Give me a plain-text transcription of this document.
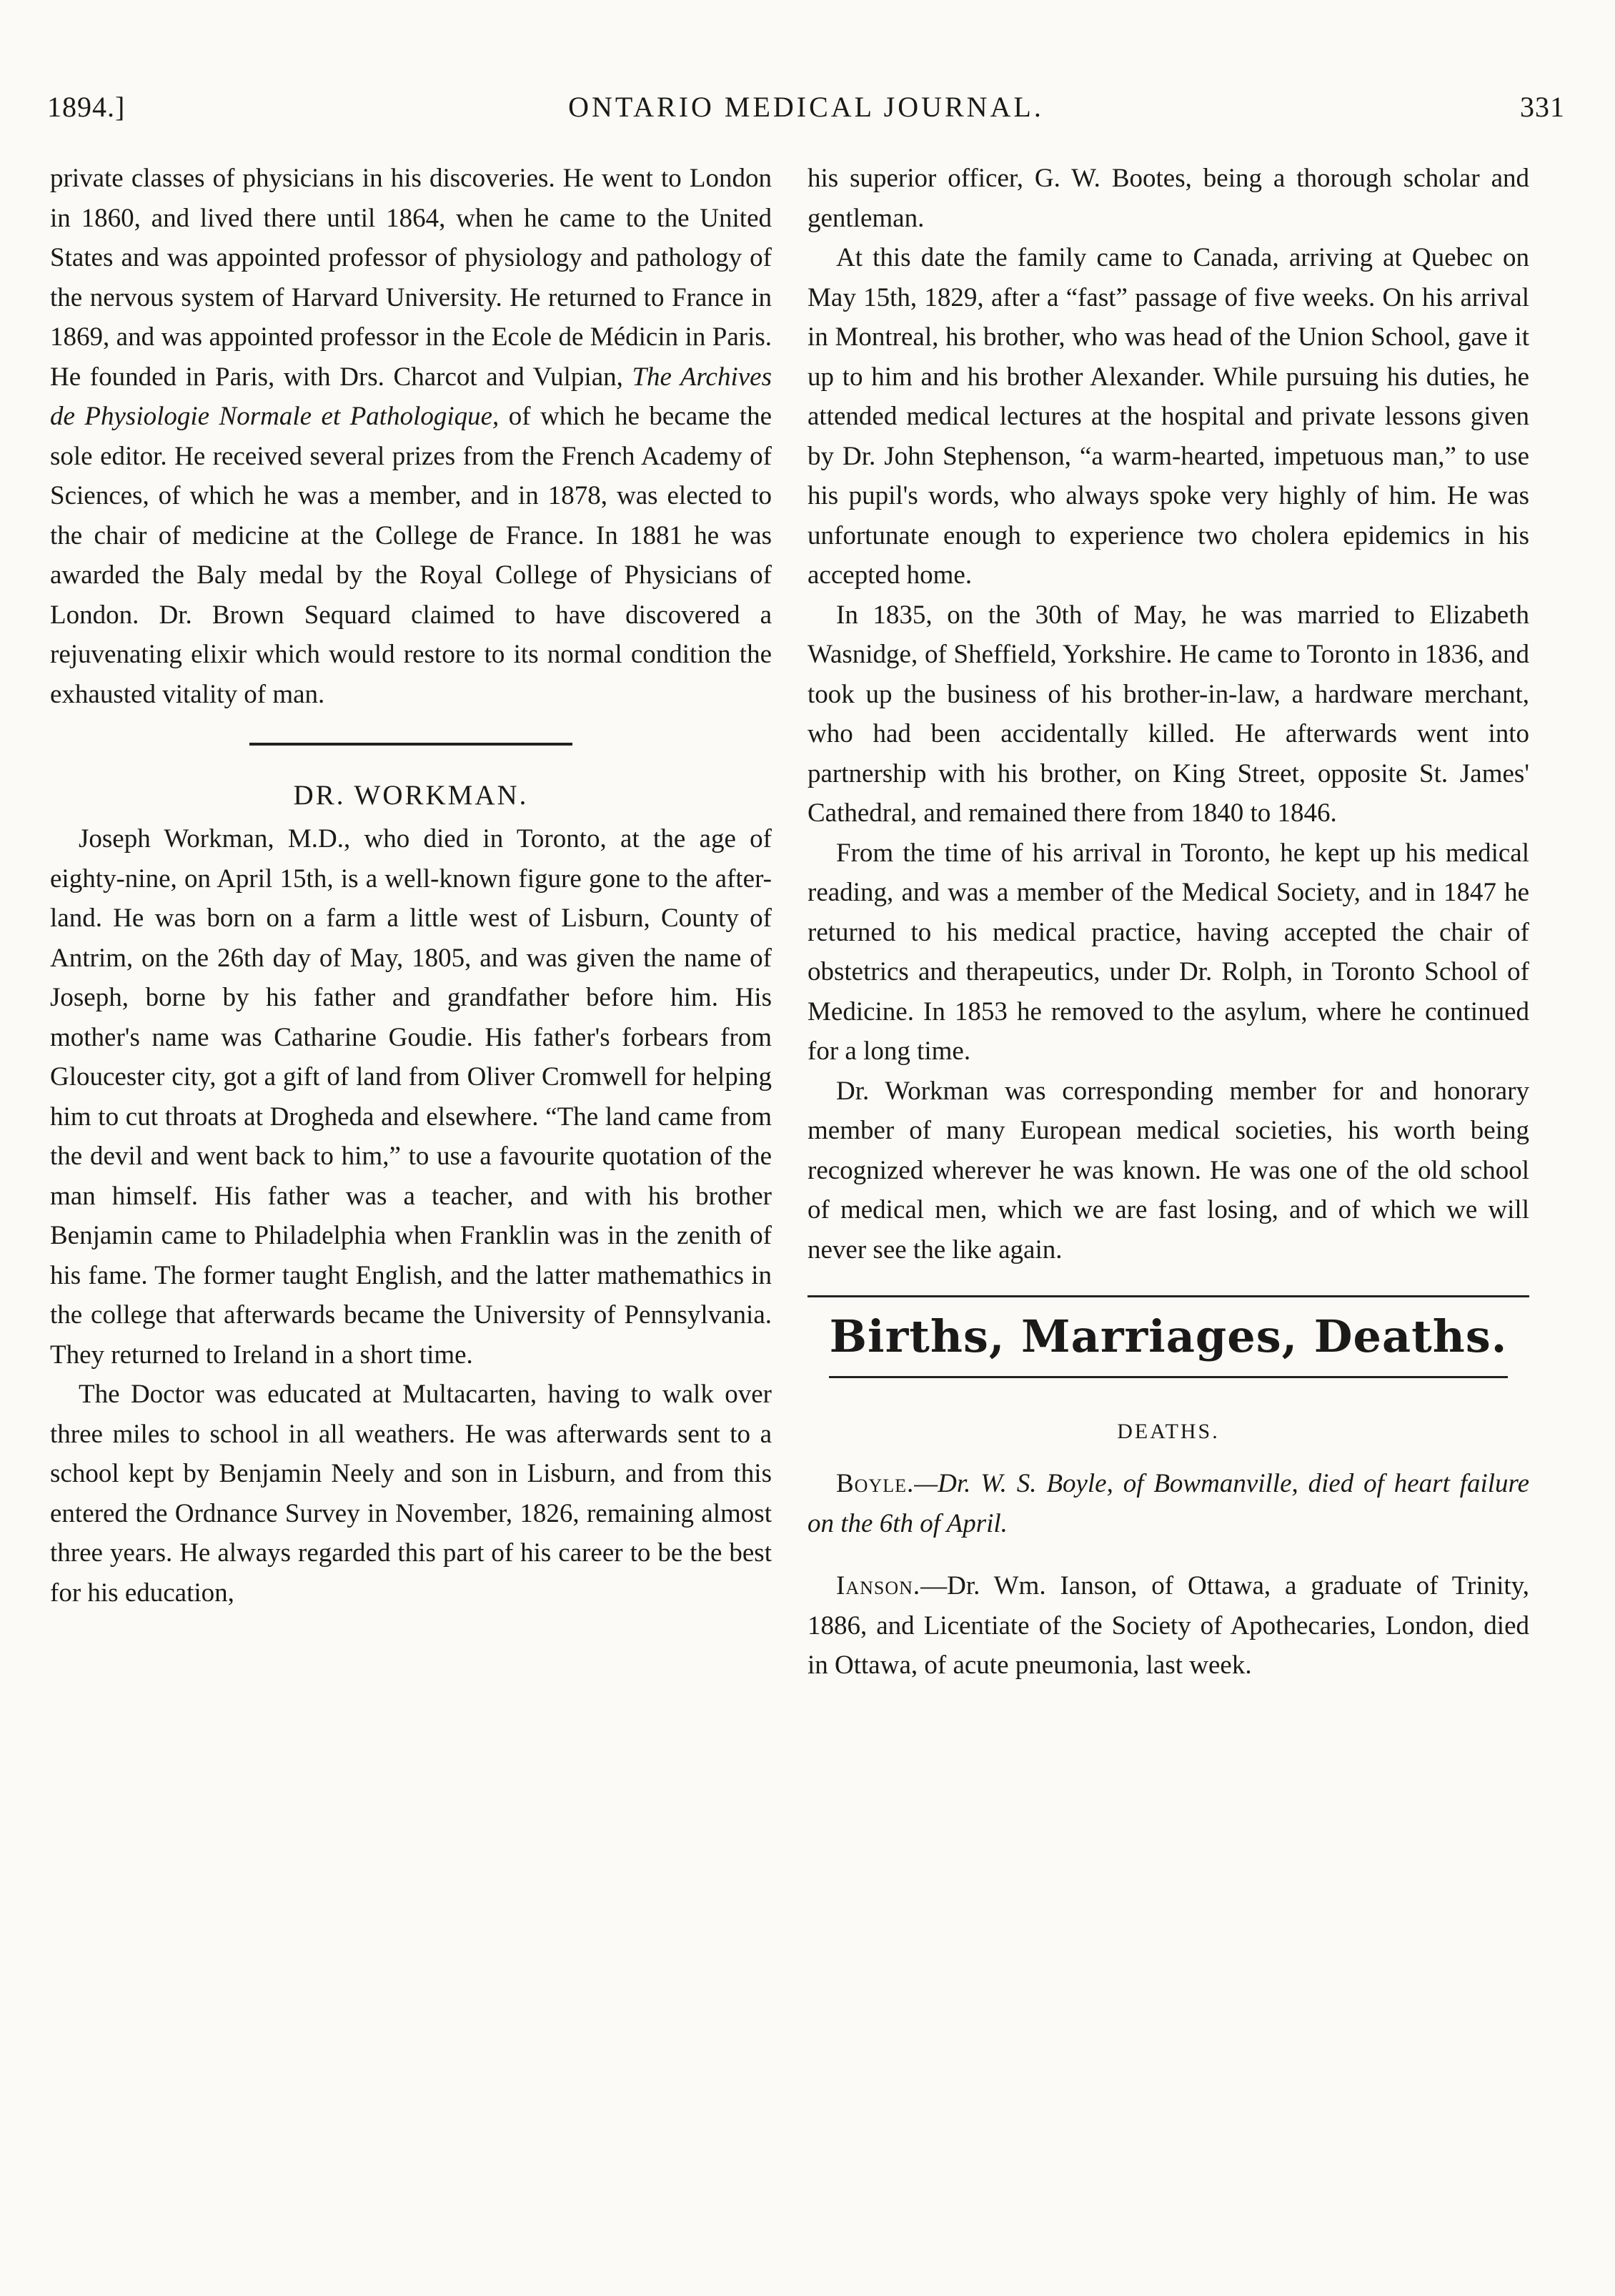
1894.]	ONTARIO MEDICAL JOURNAL.	331

private classes of physicians in his discoveries. He went to London in 1860, and lived there until 1864, when he came to the United States and was appointed professor of physiology and pathology of the nervous system of Harvard University. He returned to France in 1869, and was appointed professor in the Ecole de Médicin in Paris. He founded in Paris, with Drs. Charcot and Vulpian, The Archives de Physiologie Normale et Pathologique, of which he became the sole editor. He received several prizes from the French Academy of Sciences, of which he was a member, and in 1878, was elected to the chair of medicine at the College de France. In 1881 he was awarded the Baly medal by the Royal College of Physicians of London. Dr. Brown Sequard claimed to have discovered a rejuvenating elixir which would restore to its normal condition the exhausted vitality of man.

DR. WORKMAN.

Joseph Workman, M.D., who died in Toronto, at the age of eighty-nine, on April 15th, is a well-known figure gone to the after-land. He was born on a farm a little west of Lisburn, County of Antrim, on the 26th day of May, 1805, and was given the name of Joseph, borne by his father and grandfather before him. His mother's name was Catharine Goudie. His father's forbears from Gloucester city, got a gift of land from Oliver Cromwell for helping him to cut throats at Drogheda and elsewhere. “The land came from the devil and went back to him,” to use a favourite quotation of the man himself. His father was a teacher, and with his brother Benjamin came to Philadelphia when Franklin was in the zenith of his fame. The former taught English, and the latter mathemathics in the college that afterwards became the University of Pennsylvania. They returned to Ireland in a short time.

The Doctor was educated at Multacarten, having to walk over three miles to school in all weathers. He was afterwards sent to a school kept by Benjamin Neely and son in Lisburn, and from this entered the Ordnance Survey in November, 1826, remaining almost three years. He always regarded this part of his career to be the best for his education,

his superior officer, G. W. Bootes, being a thorough scholar and gentleman.

At this date the family came to Canada, arriving at Quebec on May 15th, 1829, after a “fast” passage of five weeks. On his arrival in Montreal, his brother, who was head of the Union School, gave it up to him and his brother Alexander. While pursuing his duties, he attended medical lectures at the hospital and private lessons given by Dr. John Stephenson, “a warm-hearted, impetuous man,” to use his pupil's words, who always spoke very highly of him. He was unfortunate enough to experience two cholera epidemics in his accepted home.

In 1835, on the 30th of May, he was married to Elizabeth Wasnidge, of Sheffield, Yorkshire. He came to Toronto in 1836, and took up the business of his brother-in-law, a hardware merchant, who had been accidentally killed. He afterwards went into partnership with his brother, on King Street, opposite St. James' Cathedral, and remained there from 1840 to 1846.

From the time of his arrival in Toronto, he kept up his medical reading, and was a member of the Medical Society, and in 1847 he returned to his medical practice, having accepted the chair of obstetrics and therapeutics, under Dr. Rolph, in Toronto School of Medicine. In 1853 he removed to the asylum, where he continued for a long time.

Dr. Workman was corresponding member for and honorary member of many European medical societies, his worth being recognized wherever he was known. He was one of the old school of medical men, which we are fast losing, and of which we will never see the like again.

Births, Marriages, Deaths.
DEATHS.

Boyle.—Dr. W. S. Boyle, of Bowmanville, died of heart failure on the 6th of April.

Ianson.—Dr. Wm. Ianson, of Ottawa, a graduate of Trinity, 1886, and Licentiate of the Society of Apothecaries, London, died in Ottawa, of acute pneumonia, last week.
